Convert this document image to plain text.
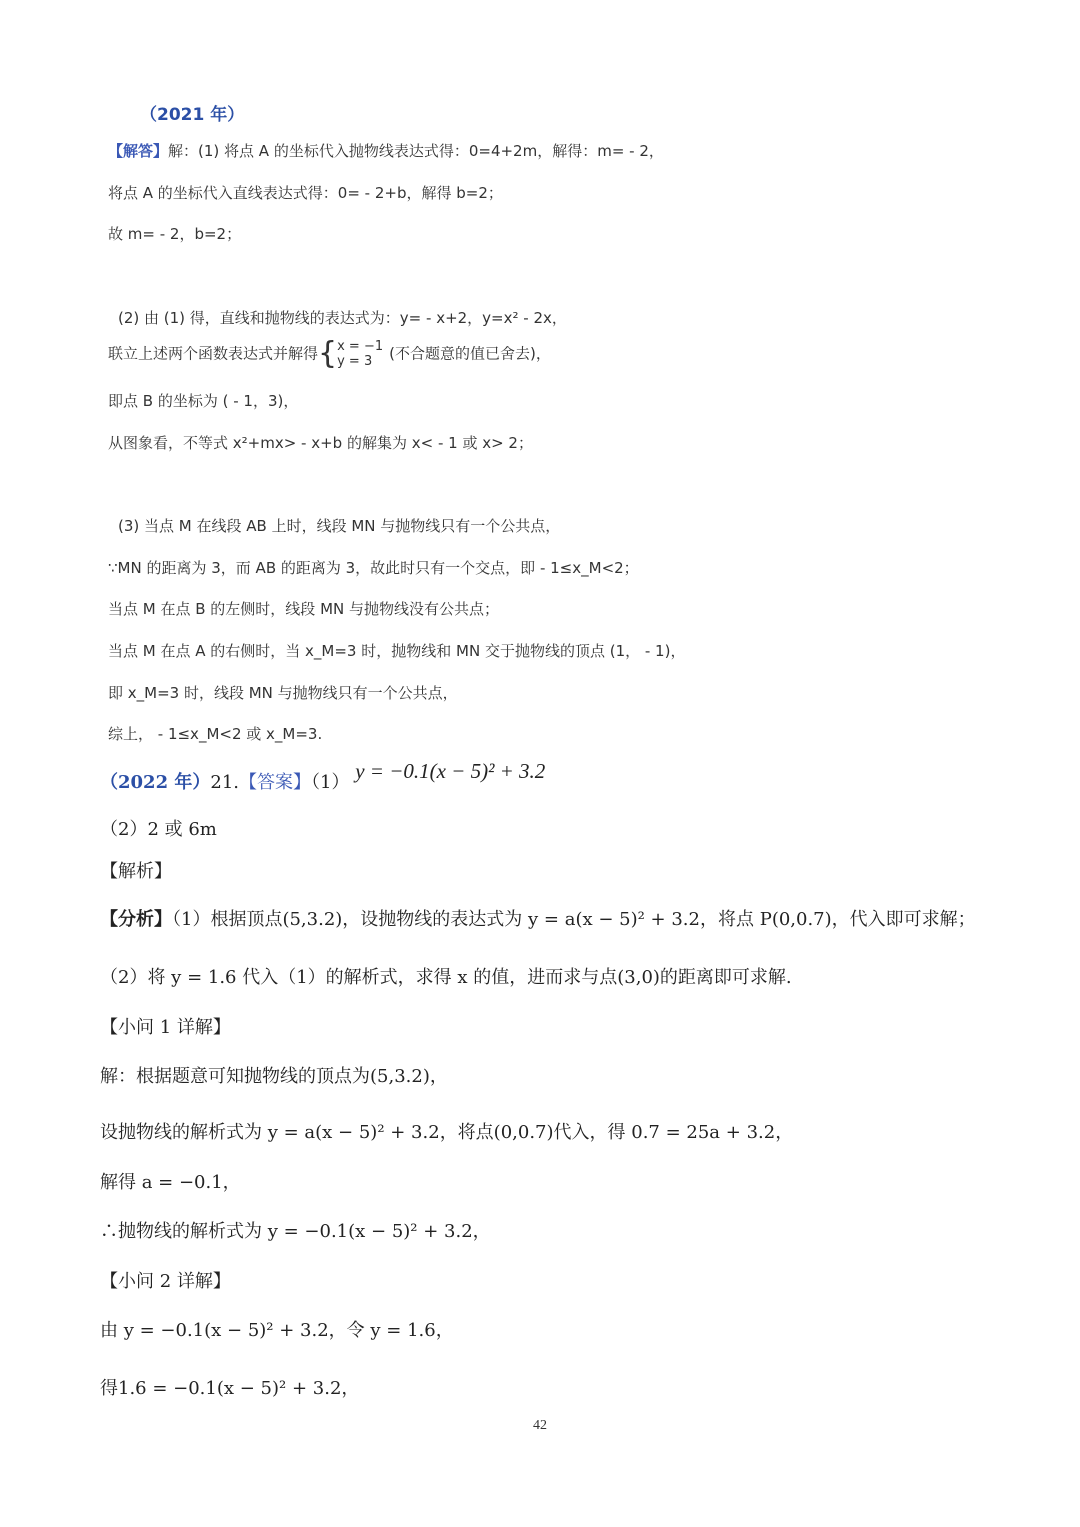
（2021 年）
【解答】解：(1) 将点 A 的坐标代入抛物线表达式得：0=4+2m，解得：m= - 2，
将点 A 的坐标代入直线表达式得：0= - 2+b，解得 b=2；
故 m= - 2，b=2；
(2) 由 (1) 得，直线和抛物线的表达式为：y= - x+2，y=x² - 2x，
联立上述两个函数表达式并解得{ x = −1
y = 3	(不合题意的值已舍去)，
即点 B 的坐标为 ( - 1，3)，
从图象看，不等式 x²+mx> - x+b 的解集为 x< - 1 或 x> 2；
(3) 当点 M 在线段 AB 上时，线段 MN 与抛物线只有一个公共点，
∵MN 的距离为 3，而 AB 的距离为 3，故此时只有一个交点，即 - 1≤x_M<2；
当点 M 在点 B 的左侧时，线段 MN 与抛物线没有公共点；
当点 M 在点 A 的右侧时，当 x_M=3 时，抛物线和 MN 交于抛物线的顶点 (1， - 1)，
即 x_M=3 时，线段 MN 与抛物线只有一个公共点，
综上， - 1≤x_M<2 或 x_M=3.
（2022 年）21.【答案】（1） y = −0.1(x − 5)² + 3.2
（2）2 或 6m
【解析】
【分析】（1）根据顶点(5,3.2)，设抛物线的表达式为 y = a(x − 5)² + 3.2，将点 P(0,0.7)，代入即可求解；
（2）将 y = 1.6 代入（1）的解析式，求得 x 的值，进而求与点(3,0)的距离即可求解.
【小问 1 详解】
解：根据题意可知抛物线的顶点为(5,3.2)，
设抛物线的解析式为 y = a(x − 5)² + 3.2，将点(0,0.7)代入，得 0.7 = 25a + 3.2，
解得 a = −0.1，
∴抛物线的解析式为 y = −0.1(x − 5)² + 3.2，
【小问 2 详解】
由 y = −0.1(x − 5)² + 3.2，令 y = 1.6，
得1.6 = −0.1(x − 5)² + 3.2，
42
